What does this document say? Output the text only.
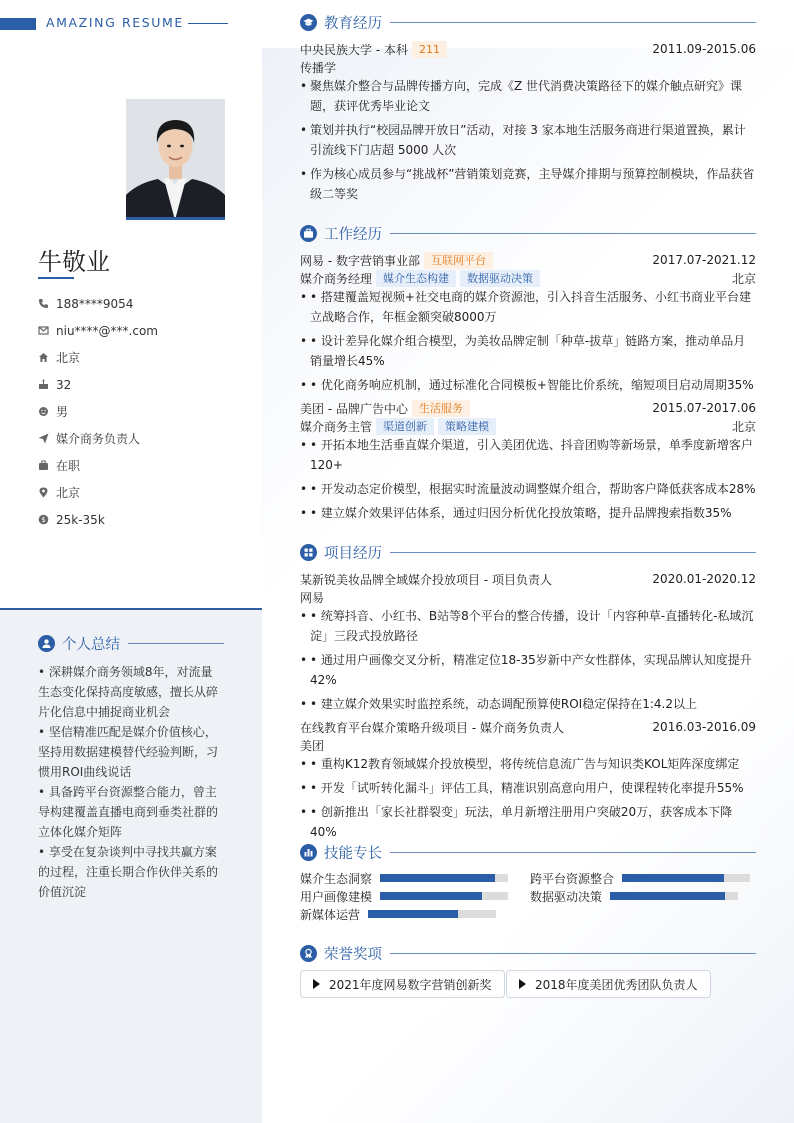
AMAZING RESUME
牛敬业
188****9054
niu****@***.com
北京
32
男
媒介商务负责人
在职
北京
$ 25k-35k
个人总结

• 深耕媒介商务领域8年，对流量生态变化保持高度敏感，擅长从碎片化信息中捕捉商业机会

• 坚信精准匹配是媒介价值核心，坚持用数据建模替代经验判断，习惯用ROI曲线说话

• 具备跨平台资源整合能力，曾主导构建覆盖直播电商到垂类社群的立体化媒介矩阵

• 享受在复杂谈判中寻找共赢方案的过程，注重长期合作伙伴关系的价值沉淀

教育经历
中央民族大学 - 本科	211	2011.09-2015.06
传播学
• 聚焦媒介整合与品牌传播方向，完成《Z 世代消费决策路径下的媒介触点研究》课题，获评优秀毕业论文
• 策划并执行“校园品牌开放日”活动，对接 3 家本地生活服务商进行渠道置换，累计引流线下门店超 5000 人次
• 作为核心成员参与“挑战杯”营销策划竞赛，主导媒介排期与预算控制模块，作品获省级二等奖
工作经历
网易 - 数字营销事业部	互联网平台	2017.07-2021.12
媒介商务经理	媒介生态构建	数据驱动决策	北京
• • 搭建覆盖短视频+社交电商的媒介资源池，引入抖音生活服务、小红书商业平台建立战略合作，年框金额突破8000万
• • 设计差异化媒介组合模型，为美妆品牌定制「种草-拔草」链路方案，推动单品月销量增长45%
• • 优化商务响应机制，通过标准化合同模板+智能比价系统，缩短项目启动周期35%
美团 - 品牌广告中心	生活服务	2015.07-2017.06
媒介商务主管	渠道创新	策略建模	北京
• • 开拓本地生活垂直媒介渠道，引入美团优选、抖音团购等新场景，单季度新增客户120+
• • 开发动态定价模型，根据实时流量波动调整媒介组合，帮助客户降低获客成本28%
• • 建立媒介效果评估体系，通过归因分析优化投放策略，提升品牌搜索指数35%
项目经历
某新锐美妆品牌全域媒介投放项目 - 项目负责人	2020.01-2020.12
网易
• • 统筹抖音、小红书、B站等8个平台的整合传播，设计「内容种草-直播转化-私域沉淀」三段式投放路径
• • 通过用户画像交叉分析，精准定位18-35岁新中产女性群体，实现品牌认知度提升42%
• • 建立媒介效果实时监控系统，动态调配预算使ROI稳定保持在1:4.2以上
在线教育平台媒介策略升级项目 - 媒介商务负责人	2016.03-2016.09
美团
• • 重构K12教育领域媒介投放模型，将传统信息流广告与知识类KOL矩阵深度绑定
• • 开发「试听转化漏斗」评估工具，精准识别高意向用户，使课程转化率提升55%
• • 创新推出「家长社群裂变」玩法，单月新增注册用户突破20万，获客成本下降40%
技能专长
媒介生态洞察	跨平台资源整合
用户画像建模	数据驱动决策
新媒体运营
荣誉奖项
2021年度网易数字营销创新奖	2018年度美团优秀团队负责人
